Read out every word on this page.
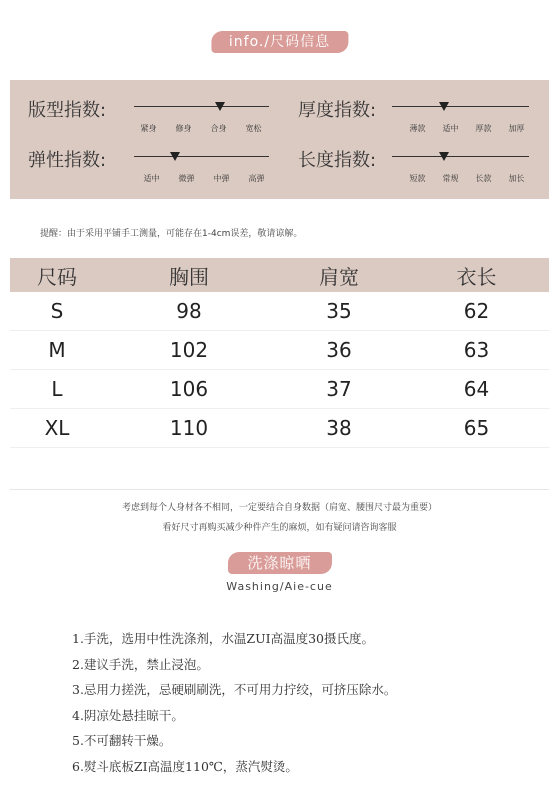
info./尺码信息
版型指数:
紧身 修身 合身 宽松
厚度指数:
薄款 适中 厚款 加厚
弹性指数:
适中 微弹 中弹 高弹
长度指数:
短款 常规 长款 加长
提醒：由于采用平铺手工测量，可能存在1-4cm误差，敬请谅解。
尺码	胸围	肩宽	衣长
S	98	35	62
M	102	36	63
L	106	37	64
XL	110	38	65
考虑到每个人身材各不相同，一定要结合自身数据（肩宽、腰围尺寸最为重要）
看好尺寸再购买减少种件产生的麻烦，如有疑问请咨询客服
洗涤晾晒
Washing/Aie-cue
1.手洗，选用中性洗涤剂，水温ZUI高温度30摄氏度。
2.建议手洗，禁止浸泡。
3.忌用力搓洗，忌硬刷刷洗，不可用力拧绞，可挤压除水。
4.阴凉处悬挂晾干。
5.不可翻转干燥。
6.熨斗底板ZI高温度110℃，蒸汽熨烫。
